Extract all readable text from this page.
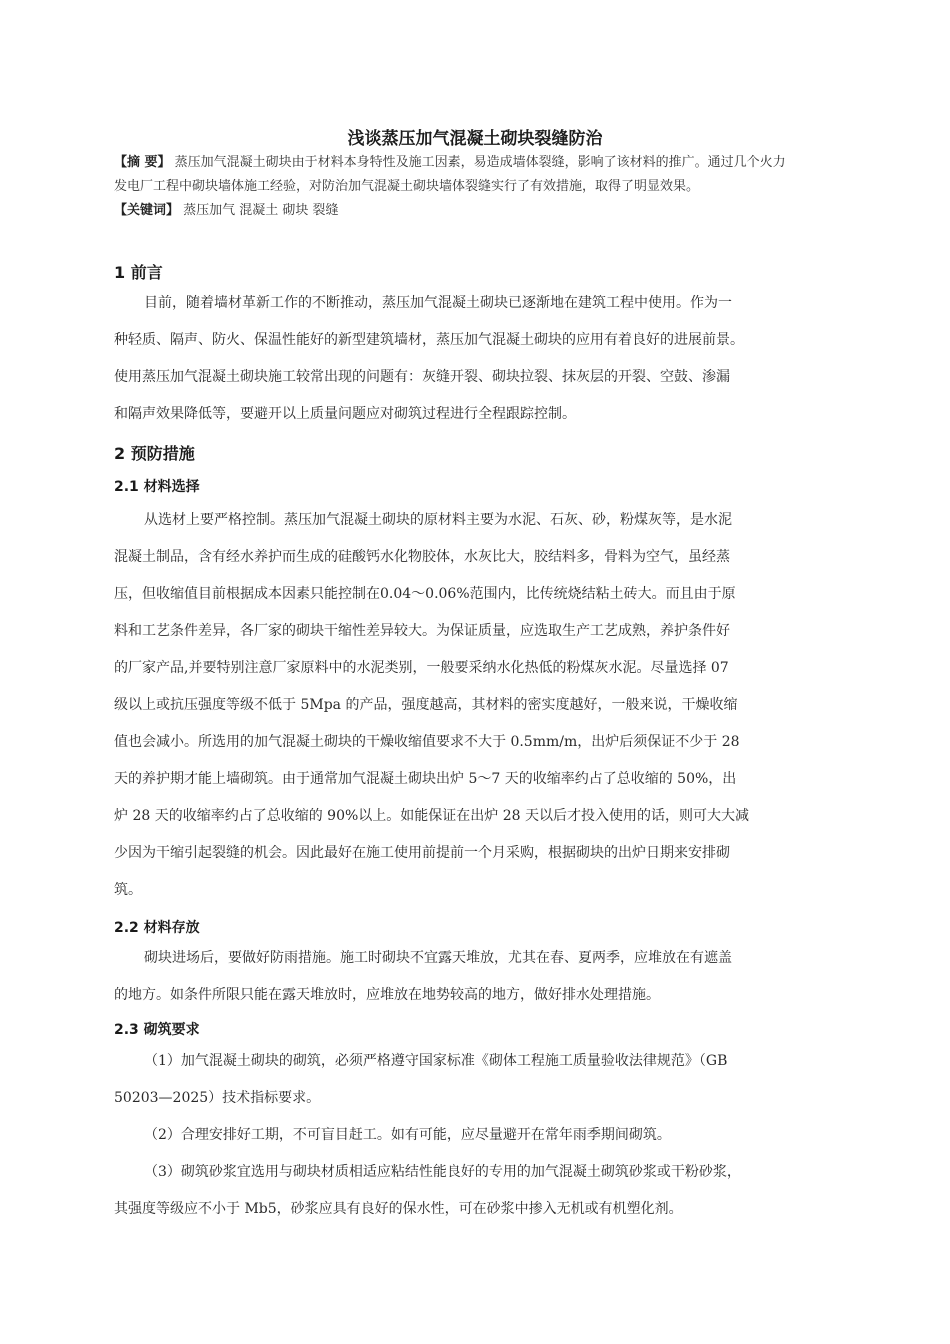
浅谈蒸压加气混凝土砌块裂缝防治
【摘 要】 蒸压加气混凝土砌块由于材料本身特性及施工因素，易造成墙体裂缝，影响了该材料的推广。通过几个火力
发电厂工程中砌块墙体施工经验，对防治加气混凝土砌块墙体裂缝实行了有效措施，取得了明显效果。
【关键词】 蒸压加气 混凝土 砌块 裂缝
1 前言
目前，随着墙材革新工作的不断推动，蒸压加气混凝土砌块已逐渐地在建筑工程中使用。作为一
种轻质、隔声、防火、保温性能好的新型建筑墙材，蒸压加气混凝土砌块的应用有着良好的进展前景。
使用蒸压加气混凝土砌块施工较常出现的问题有：灰缝开裂、砌块拉裂、抹灰层的开裂、空鼓、渗漏
和隔声效果降低等，要避开以上质量问题应对砌筑过程进行全程跟踪控制。
2 预防措施
2.1 材料选择
从选材上要严格控制。蒸压加气混凝土砌块的原材料主要为水泥、石灰、砂，粉煤灰等，是水泥
混凝土制品，含有经水养护而生成的硅酸钙水化物胶体，水灰比大，胶结料多，骨料为空气，虽经蒸
压，但收缩值目前根据成本因素只能控制在0.04～0.06%范围内，比传统烧结粘土砖大。而且由于原
料和工艺条件差异，各厂家的砌块干缩性差异较大。为保证质量，应选取生产工艺成熟，养护条件好
的厂家产品,并要特别注意厂家原料中的水泥类别，一般要采纳水化热低的粉煤灰水泥。尽量选择 07
级以上或抗压强度等级不低于 5Mpa 的产品，强度越高，其材料的密实度越好，一般来说，干燥收缩
值也会减小。所选用的加气混凝土砌块的干燥收缩值要求不大于 0.5mm/m，出炉后须保证不少于 28
天的养护期才能上墙砌筑。由于通常加气混凝土砌块出炉 5～7 天的收缩率约占了总收缩的 50%，出
炉 28 天的收缩率约占了总收缩的 90%以上。如能保证在出炉 28 天以后才投入使用的话，则可大大减
少因为干缩引起裂缝的机会。因此最好在施工使用前提前一个月采购，根据砌块的出炉日期来安排砌
筑。
2.2 材料存放
砌块进场后，要做好防雨措施。施工时砌块不宜露天堆放，尤其在春、夏两季，应堆放在有遮盖
的地方。如条件所限只能在露天堆放时，应堆放在地势较高的地方，做好排水处理措施。
2.3 砌筑要求
（1）加气混凝土砌块的砌筑，必须严格遵守国家标准《砌体工程施工质量验收法律规范》（GB
50203—2025）技术指标要求。
（2）合理安排好工期，不可盲目赶工。如有可能，应尽量避开在常年雨季期间砌筑。
（3）砌筑砂浆宜选用与砌块材质相适应粘结性能良好的专用的加气混凝土砌筑砂浆或干粉砂浆，
其强度等级应不小于 Mb5，砂浆应具有良好的保水性，可在砂浆中掺入无机或有机塑化剂。
